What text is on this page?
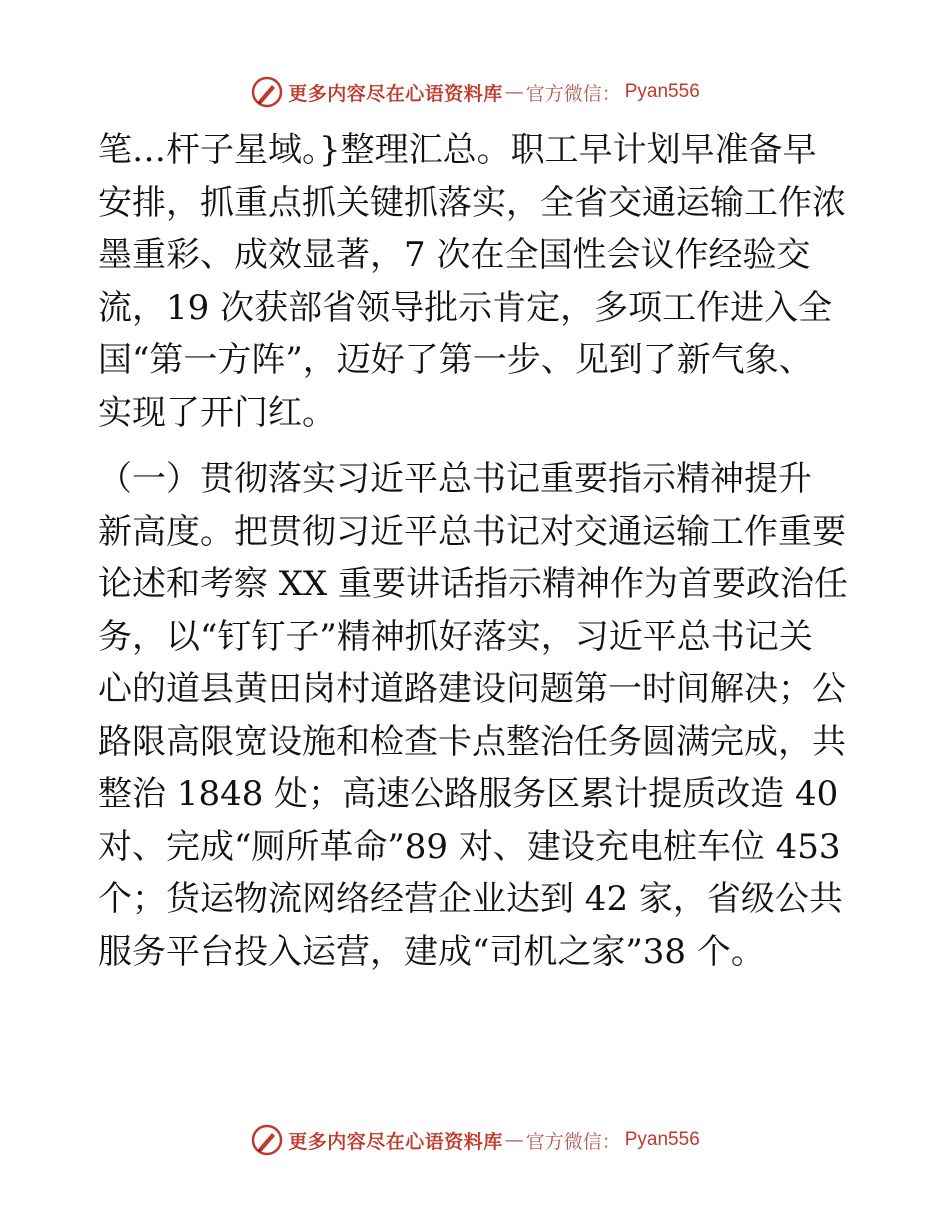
更多内容尽在心语资料库 — 官方微信： Pyan556
笔…杆子星域。}整理汇总。职工早计划早准备早
安排，抓重点抓关键抓落实，全省交通运输工作浓
墨重彩、成效显著，7 次在全国性会议作经验交
流，19 次获部省领导批示肯定，多项工作进入全
国“第一方阵”，迈好了第一步、见到了新气象、
实现了开门红。
（一）贯彻落实习近平总书记重要指示精神提升
新高度。把贯彻习近平总书记对交通运输工作重要
论述和考察 XX 重要讲话指示精神作为首要政治任
务，以“钉钉子”精神抓好落实，习近平总书记关
心的道县黄田岗村道路建设问题第一时间解决；公
路限高限宽设施和检查卡点整治任务圆满完成，共
整治 1848 处；高速公路服务区累计提质改造 40
对、完成“厕所革命”89 对、建设充电桩车位 453
个；货运物流网络经营企业达到 42 家，省级公共
服务平台投入运营，建成“司机之家”38 个。
更多内容尽在心语资料库 — 官方微信： Pyan556
